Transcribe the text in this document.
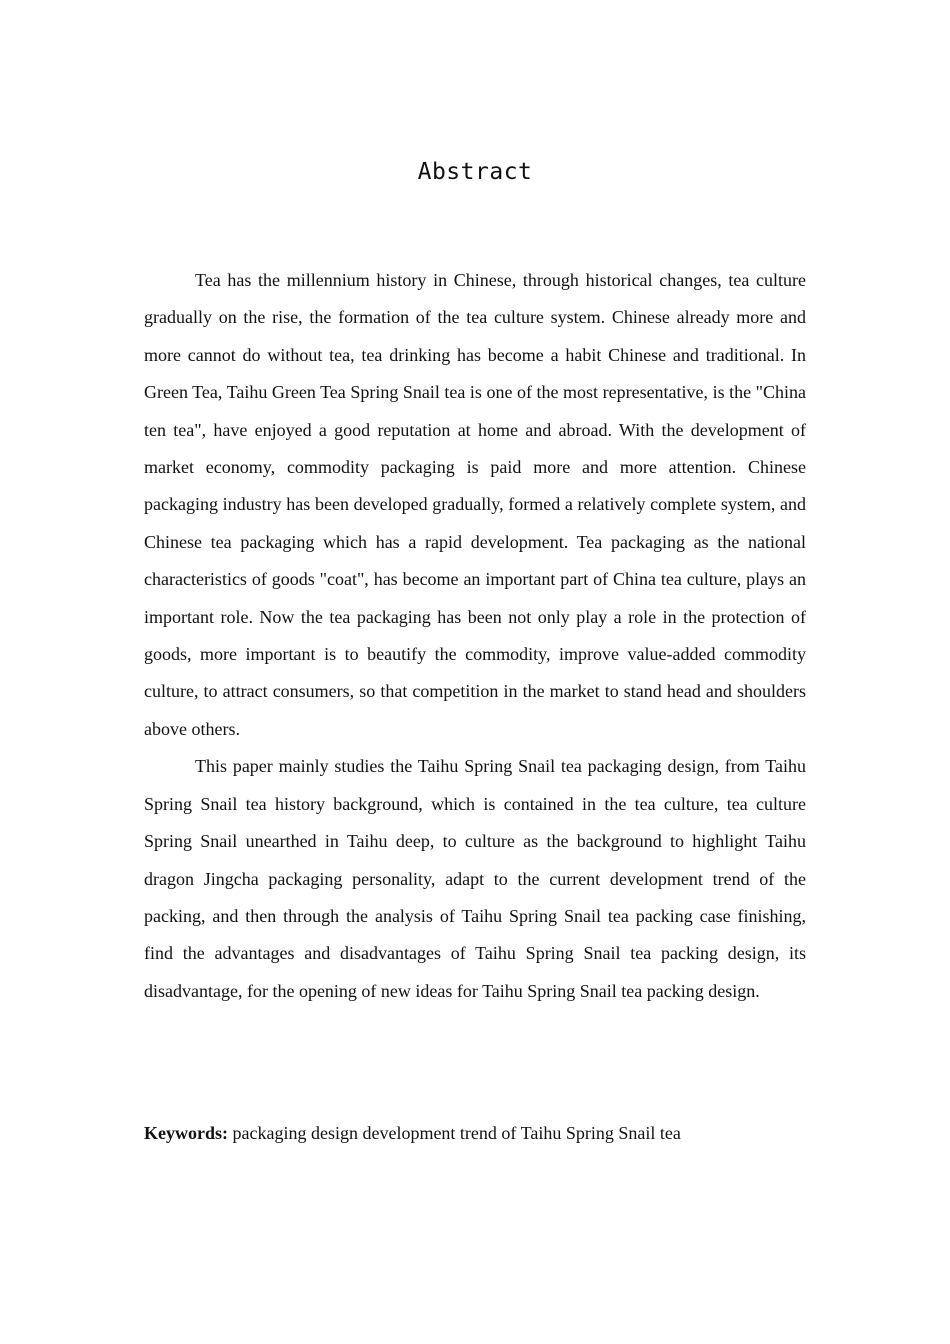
Abstract

Tea has the millennium history in Chinese, through historical changes, tea culture gradually on the rise, the formation of the tea culture system. Chinese already more and more cannot do without tea, tea drinking has become a habit Chinese and traditional. In Green Tea, Taihu Green Tea Spring Snail tea is one of the most representative, is the "China ten tea", have enjoyed a good reputation at home and abroad. With the development of market economy, commodity packaging is paid more and more attention. Chinese packaging industry has been developed gradually, formed a relatively complete system, and Chinese tea packaging which has a rapid development. Tea packaging as the national characteristics of goods "coat", has become an important part of China tea culture, plays an important role. Now the tea packaging has been not only play a role in the protection of goods, more important is to beautify the commodity, improve value-added commodity culture, to attract consumers, so that competition in the market to stand head and shoulders above others.

This paper mainly studies the Taihu Spring Snail tea packaging design, from Taihu Spring Snail tea history background, which is contained in the tea culture, tea culture Spring Snail unearthed in Taihu deep, to culture as the background to highlight Taihu dragon Jingcha packaging personality, adapt to the current development trend of the packing, and then through the analysis of Taihu Spring Snail tea packing case finishing, find the advantages and disadvantages of Taihu Spring Snail tea packing design, its disadvantage, for the opening of new ideas for Taihu Spring Snail tea packing design.

Keywords: packaging design development trend of Taihu Spring Snail tea
